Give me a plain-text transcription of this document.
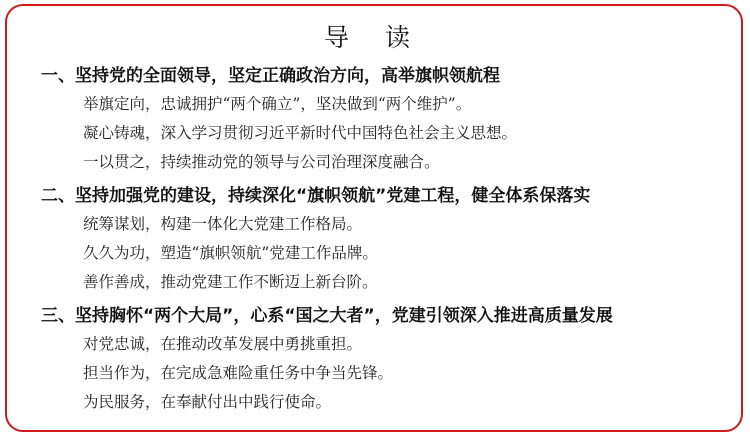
导 读
一、坚持党的全面领导，坚定正确政治方向，高举旗帜领航程
举旗定向，忠诚拥护“两个确立”，坚决做到“两个维护”。
凝心铸魂，深入学习贯彻习近平新时代中国特色社会主义思想。
一以贯之，持续推动党的领导与公司治理深度融合。
二、坚持加强党的建设，持续深化“旗帜领航”党建工程，健全体系保落实
统筹谋划，构建一体化大党建工作格局。
久久为功，塑造“旗帜领航”党建工作品牌。
善作善成，推动党建工作不断迈上新台阶。
三、坚持胸怀“两个大局”，心系“国之大者”，党建引领深入推进高质量发展
对党忠诚，在推动改革发展中勇挑重担。
担当作为，在完成急难险重任务中争当先锋。
为民服务，在奉献付出中践行使命。
